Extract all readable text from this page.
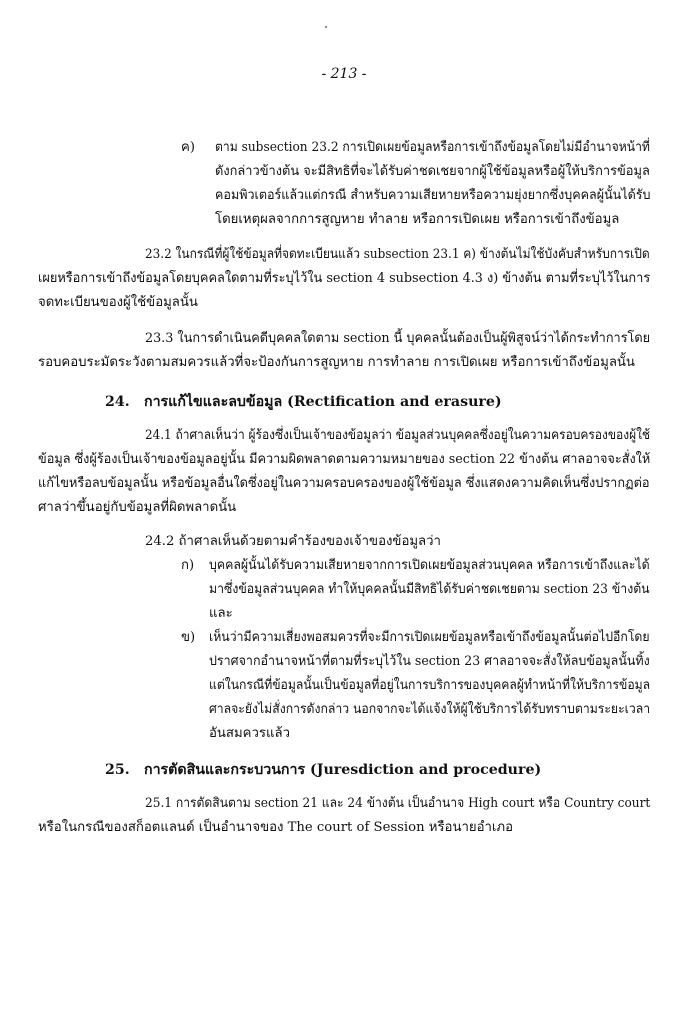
- 213 -
ค) ตาม subsection 23.2 การเปิดเผยข้อมูลหรือการเข้าถึงข้อมูลโดยไม่มีอำนาจหน้าที่
ดังกล่าวข้างต้น จะมีสิทธิที่จะได้รับค่าชดเชยจากผู้ใช้ข้อมูลหรือผู้ให้บริการข้อมูล
คอมพิวเตอร์แล้วแต่กรณี สำหรับความเสียหายหรือความยุ่งยากซึ่งบุคคลผู้นั้นได้รับ
โดยเหตุผลจากการสูญหาย ทำลาย หรือการเปิดเผย หรือการเข้าถึงข้อมูล
23.2 ในกรณีที่ผู้ใช้ข้อมูลที่จดทะเบียนแล้ว subsection 23.1 ค) ข้างต้นไม่ใช้บังคับสำหรับการเปิด
เผยหรือการเข้าถึงข้อมูลโดยบุคคลใดตามที่ระบุไว้ใน section 4 subsection 4.3 ง) ข้างต้น ตามที่ระบุไว้ในการ
จดทะเบียนของผู้ใช้ข้อมูลนั้น
23.3 ในการดำเนินคดีบุคคลใดตาม section นี้ บุคคลนั้นต้องเป็นผู้พิสูจน์ว่าได้กระทำการโดย
รอบคอบระมัดระวังตามสมควรแล้วที่จะป้องกันการสูญหาย การทำลาย การเปิดเผย หรือการเข้าถึงข้อมูลนั้น
24. การแก้ไขและลบข้อมูล (Rectification and erasure)
24.1 ถ้าศาลเห็นว่า ผู้ร้องซึ่งเป็นเจ้าของข้อมูลว่า ข้อมูลส่วนบุคคลซึ่งอยู่ในความครอบครองของผู้ใช้
ข้อมูล ซึ่งผู้ร้องเป็นเจ้าของข้อมูลอยู่นั้น มีความผิดพลาดตามความหมายของ section 22 ข้างต้น ศาลอาจจะสั่งให้
แก้ไขหรือลบข้อมูลนั้น หรือข้อมูลอื่นใดซึ่งอยู่ในความครอบครองของผู้ใช้ข้อมูล ซึ่งแสดงความคิดเห็นซึ่งปรากฏต่อ
ศาลว่าขึ้นอยู่กับข้อมูลที่ผิดพลาดนั้น
24.2 ถ้าศาลเห็นด้วยตามคำร้องของเจ้าของข้อมูลว่า
ก) บุคคลผู้นั้นได้รับความเสียหายจากการเปิดเผยข้อมูลส่วนบุคคล หรือการเข้าถึงและได้
มาซึ่งข้อมูลส่วนบุคคล ทำให้บุคคลนั้นมีสิทธิได้รับค่าชดเชยตาม section 23 ข้างต้น
และ
ข) เห็นว่ามีความเสี่ยงพอสมควรที่จะมีการเปิดเผยข้อมูลหรือเข้าถึงข้อมูลนั้นต่อไปอีกโดย
ปราศจากอำนาจหน้าที่ตามที่ระบุไว้ใน section 23 ศาลอาจจะสั่งให้ลบข้อมูลนั้นทิ้ง
แต่ในกรณีที่ข้อมูลนั้นเป็นข้อมูลที่อยู่ในการบริการของบุคคลผู้ทำหน้าที่ให้บริการข้อมูล
ศาลจะยังไม่สั่งการดังกล่าว นอกจากจะได้แจ้งให้ผู้ใช้บริการได้รับทราบตามระยะเวลา
อันสมควรแล้ว
25. การตัดสินและกระบวนการ (Juresdiction and procedure)
25.1 การตัดสินตาม section 21 และ 24 ข้างต้น เป็นอำนาจ High court หรือ Country court
หรือในกรณีของสก็อตแลนด์ เป็นอำนาจของ The court of Session หรือนายอำเภอ
